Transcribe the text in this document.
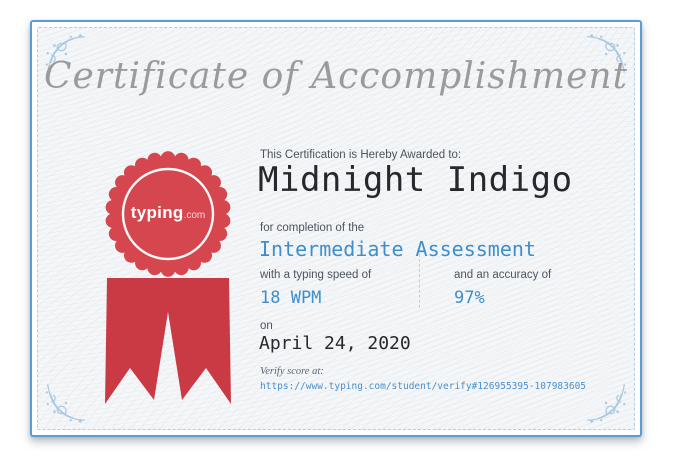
Certificate of Accomplishment
typing.com
This Certification is Hereby Awarded to:
Midnight Indigo
for completion of the
Intermediate Assessment
with a typing speed of	and an accuracy of
18 WPM	97%
on
April 24, 2020
Verify score at:
https://www.typing.com/student/verify#126955395-107983605
